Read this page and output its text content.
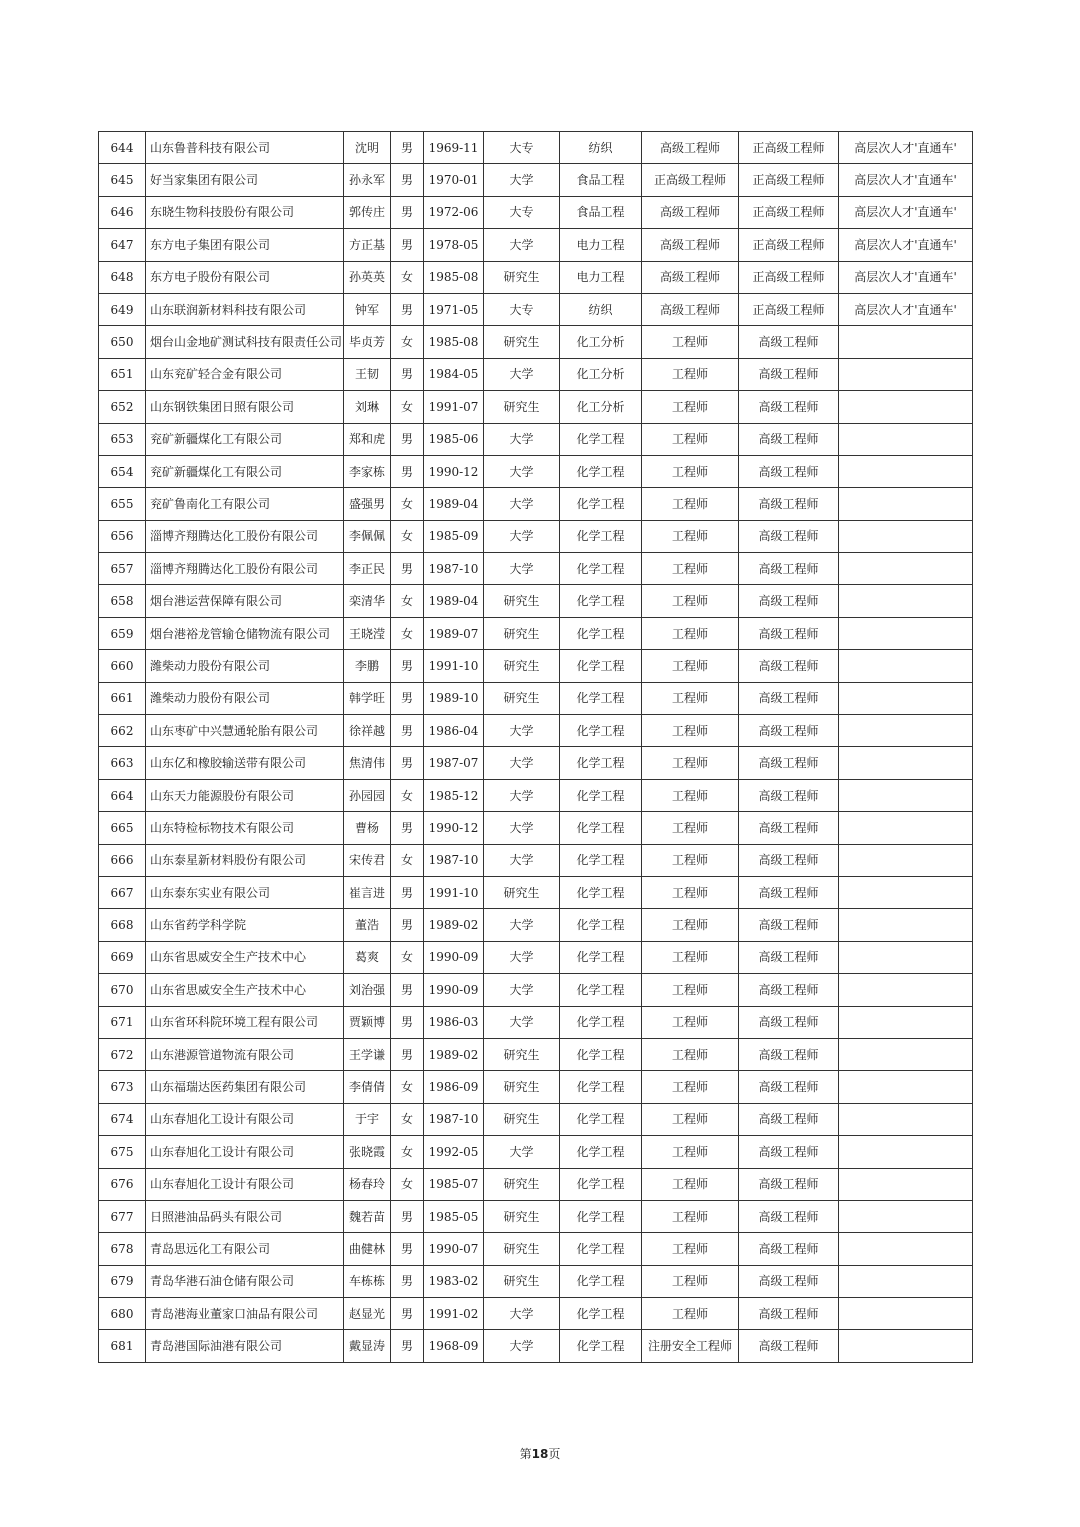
644	山东鲁普科技有限公司	沈明	男	1969-11	大专	纺织	高级工程师	正高级工程师	高层次人才'直通车'
645	好当家集团有限公司	孙永军	男	1970-01	大学	食品工程	正高级工程师	正高级工程师	高层次人才'直通车'
646	东晓生物科技股份有限公司	郭传庄	男	1972-06	大专	食品工程	高级工程师	正高级工程师	高层次人才'直通车'
647	东方电子集团有限公司	方正基	男	1978-05	大学	电力工程	高级工程师	正高级工程师	高层次人才'直通车'
648	东方电子股份有限公司	孙英英	女	1985-08	研究生	电力工程	高级工程师	正高级工程师	高层次人才'直通车'
649	山东联润新材料科技有限公司	钟军	男	1971-05	大专	纺织	高级工程师	正高级工程师	高层次人才'直通车'
650	烟台山金地矿测试科技有限责任公司	毕贞芳	女	1985-08	研究生	化工分析	工程师	高级工程师	
651	山东兖矿轻合金有限公司	王韧	男	1984-05	大学	化工分析	工程师	高级工程师	
652	山东钢铁集团日照有限公司	刘琳	女	1991-07	研究生	化工分析	工程师	高级工程师	
653	兖矿新疆煤化工有限公司	郑和虎	男	1985-06	大学	化学工程	工程师	高级工程师	
654	兖矿新疆煤化工有限公司	李家栋	男	1990-12	大学	化学工程	工程师	高级工程师	
655	兖矿鲁南化工有限公司	盛强男	女	1989-04	大学	化学工程	工程师	高级工程师	
656	淄博齐翔腾达化工股份有限公司	李佩佩	女	1985-09	大学	化学工程	工程师	高级工程师	
657	淄博齐翔腾达化工股份有限公司	李正民	男	1987-10	大学	化学工程	工程师	高级工程师	
658	烟台港运营保障有限公司	栾清华	女	1989-04	研究生	化学工程	工程师	高级工程师	
659	烟台港裕龙管输仓储物流有限公司	王晓滢	女	1989-07	研究生	化学工程	工程师	高级工程师	
660	潍柴动力股份有限公司	李鹏	男	1991-10	研究生	化学工程	工程师	高级工程师	
661	潍柴动力股份有限公司	韩学旺	男	1989-10	研究生	化学工程	工程师	高级工程师	
662	山东枣矿中兴慧通轮胎有限公司	徐祥越	男	1986-04	大学	化学工程	工程师	高级工程师	
663	山东亿和橡胶输送带有限公司	焦清伟	男	1987-07	大学	化学工程	工程师	高级工程师	
664	山东天力能源股份有限公司	孙园园	女	1985-12	大学	化学工程	工程师	高级工程师	
665	山东特检标物技术有限公司	曹杨	男	1990-12	大学	化学工程	工程师	高级工程师	
666	山东泰星新材料股份有限公司	宋传君	女	1987-10	大学	化学工程	工程师	高级工程师	
667	山东泰东实业有限公司	崔言进	男	1991-10	研究生	化学工程	工程师	高级工程师	
668	山东省药学科学院	董浩	男	1989-02	大学	化学工程	工程师	高级工程师	
669	山东省思威安全生产技术中心	葛爽	女	1990-09	大学	化学工程	工程师	高级工程师	
670	山东省思威安全生产技术中心	刘治强	男	1990-09	大学	化学工程	工程师	高级工程师	
671	山东省环科院环境工程有限公司	贾颖博	男	1986-03	大学	化学工程	工程师	高级工程师	
672	山东港源管道物流有限公司	王学谦	男	1989-02	研究生	化学工程	工程师	高级工程师	
673	山东福瑞达医药集团有限公司	李倩倩	女	1986-09	研究生	化学工程	工程师	高级工程师	
674	山东春旭化工设计有限公司	于宇	女	1987-10	研究生	化学工程	工程师	高级工程师	
675	山东春旭化工设计有限公司	张晓霞	女	1992-05	大学	化学工程	工程师	高级工程师	
676	山东春旭化工设计有限公司	杨春玲	女	1985-07	研究生	化学工程	工程师	高级工程师	
677	日照港油品码头有限公司	魏若苗	男	1985-05	研究生	化学工程	工程师	高级工程师	
678	青岛思远化工有限公司	曲健林	男	1990-07	研究生	化学工程	工程师	高级工程师	
679	青岛华港石油仓储有限公司	车栋栋	男	1983-02	研究生	化学工程	工程师	高级工程师	
680	青岛港海业董家口油品有限公司	赵显光	男	1991-02	大学	化学工程	工程师	高级工程师	
681	青岛港国际油港有限公司	戴显涛	男	1968-09	大学	化学工程	注册安全工程师	高级工程师	
第18页
